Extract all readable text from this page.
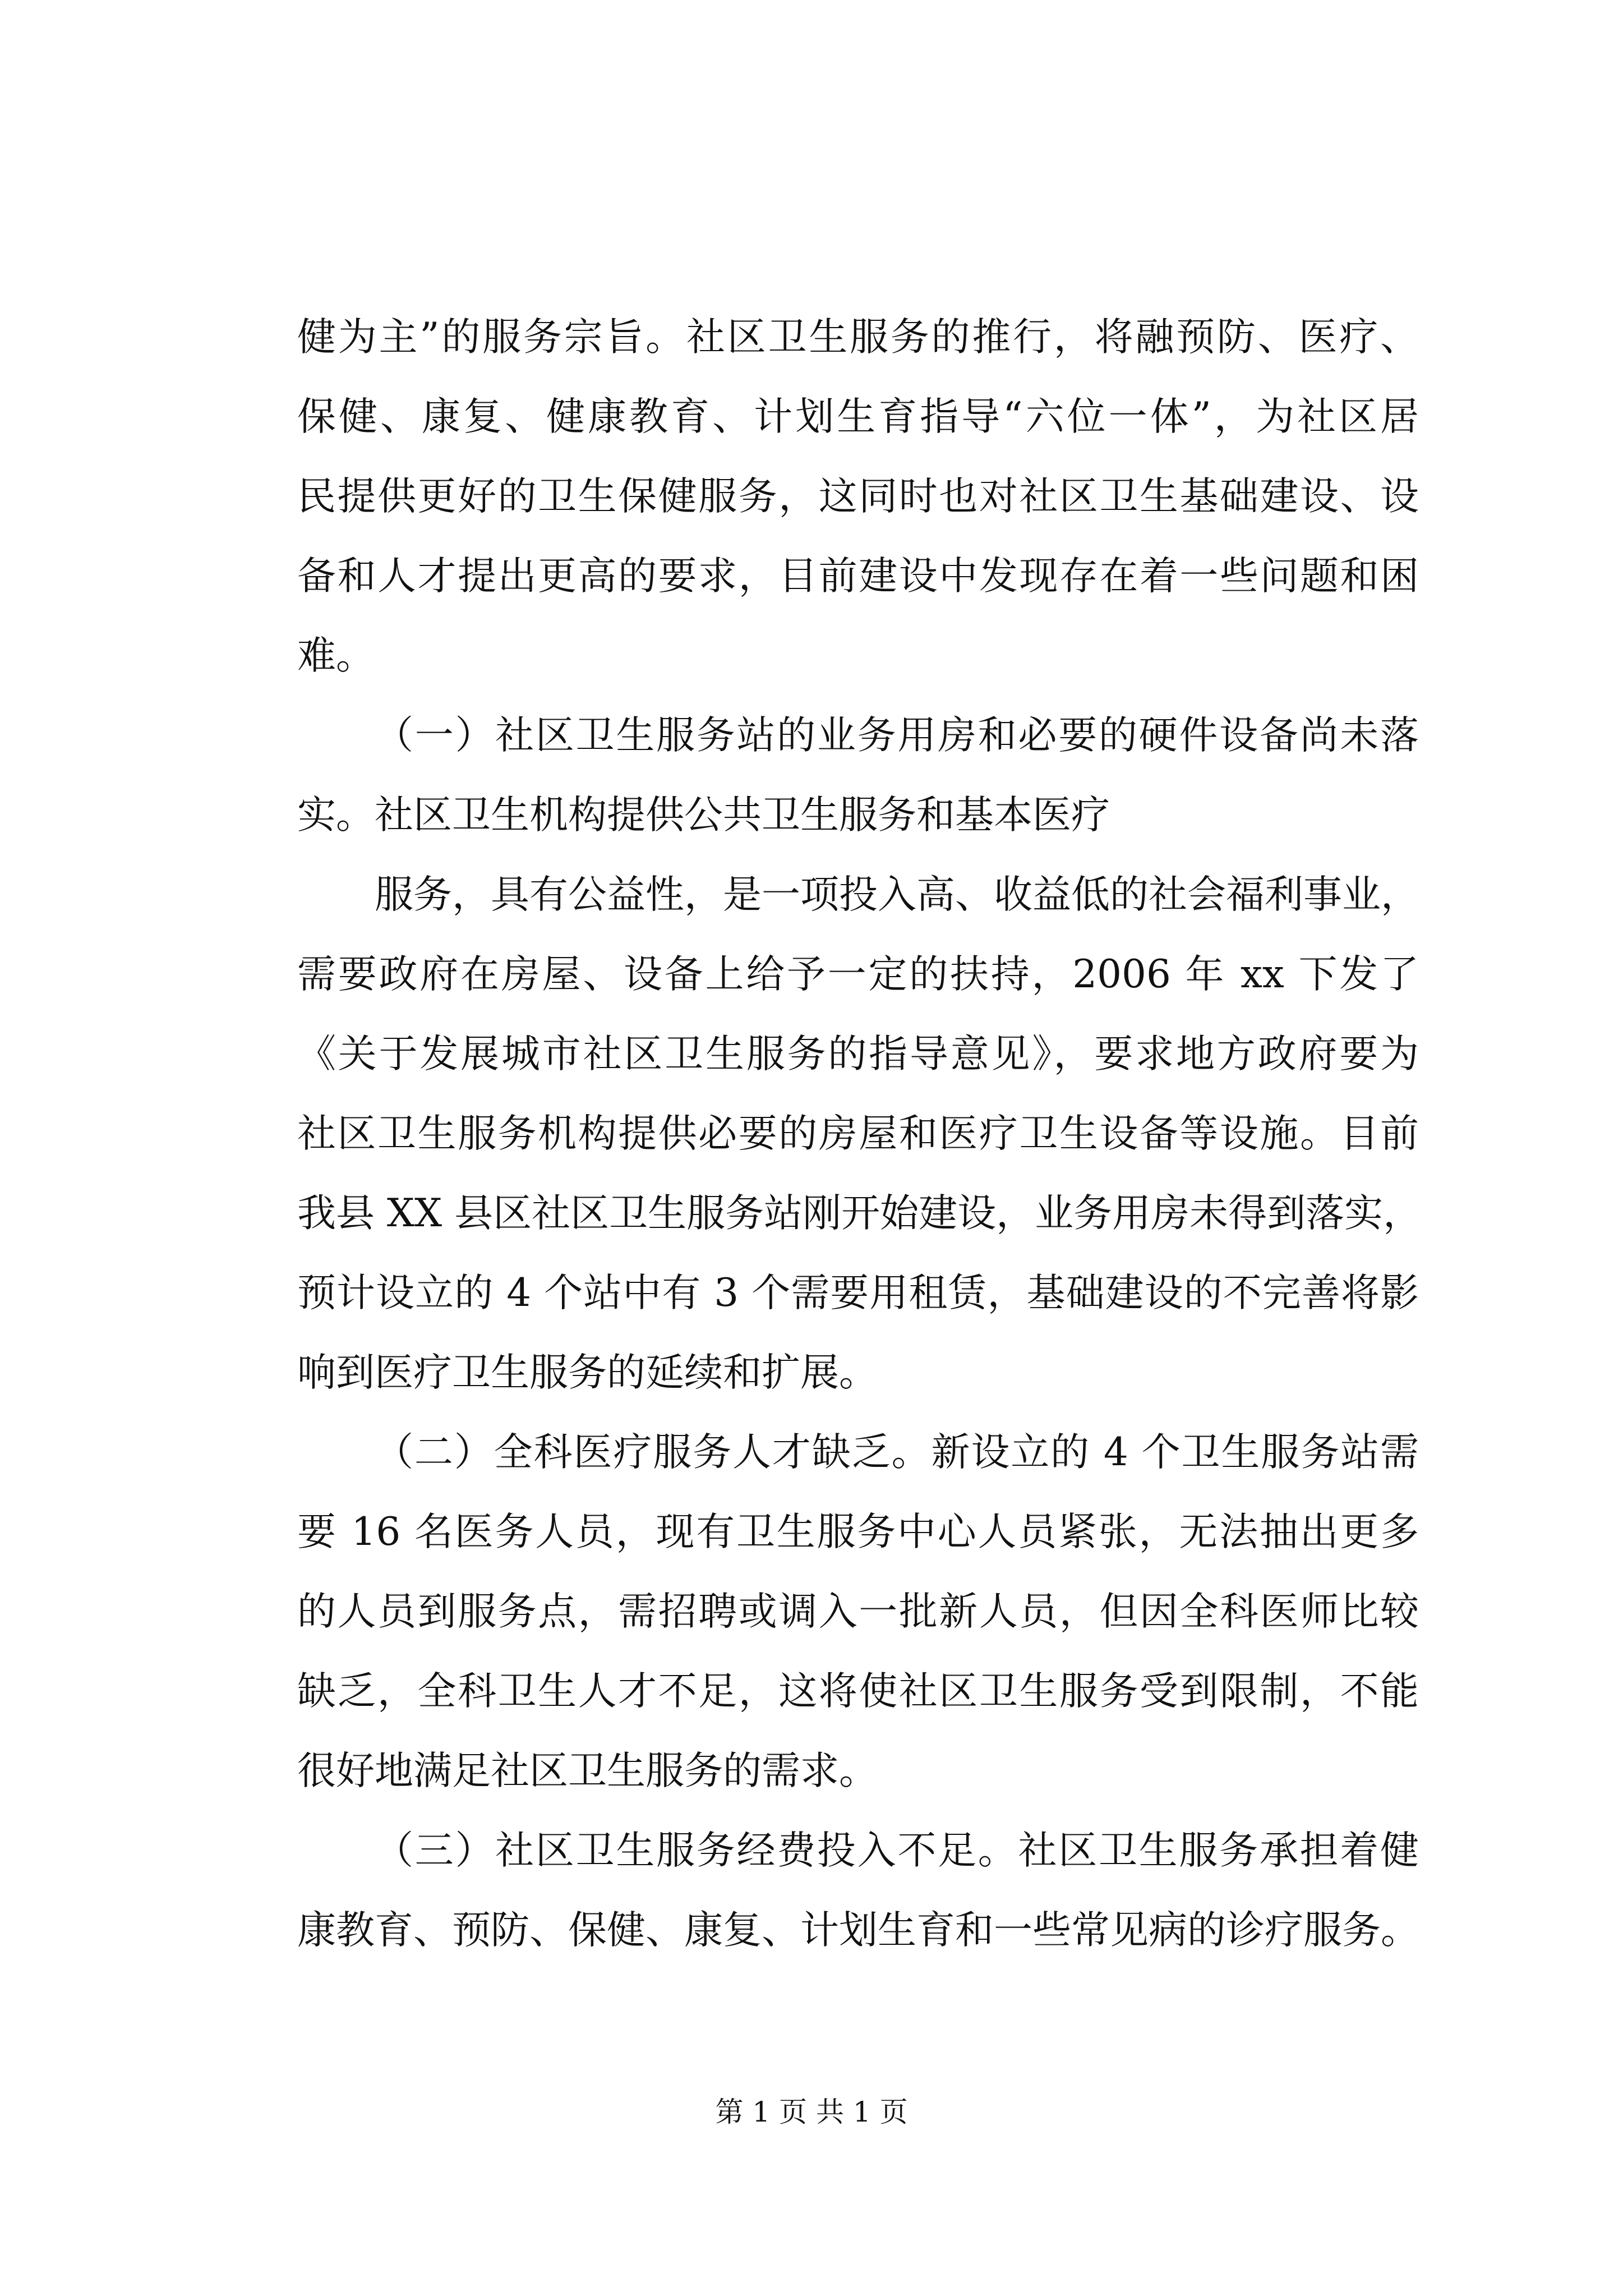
健为主”的服务宗旨。社区卫生服务的推行，将融预防、医疗、
保健、康复、健康教育、计划生育指导“六位一体”，为社区居
民提供更好的卫生保健服务，这同时也对社区卫生基础建设、设
备和人才提出更高的要求，目前建设中发现存在着一些问题和困
难。
（一）社区卫生服务站的业务用房和必要的硬件设备尚未落
实。社区卫生机构提供公共卫生服务和基本医疗
服务，具有公益性，是一项投入高、收益低的社会福利事业，
需要政府在房屋、设备上给予一定的扶持，2006 年 xx 下发了
《关于发展城市社区卫生服务的指导意见》，要求地方政府要为
社区卫生服务机构提供必要的房屋和医疗卫生设备等设施。目前
我县 XX 县区社区卫生服务站刚开始建设，业务用房未得到落实，
预计设立的 4 个站中有 3 个需要用租赁，基础建设的不完善将影
响到医疗卫生服务的延续和扩展。
（二）全科医疗服务人才缺乏。新设立的 4 个卫生服务站需
要 16 名医务人员，现有卫生服务中心人员紧张，无法抽出更多
的人员到服务点，需招聘或调入一批新人员，但因全科医师比较
缺乏，全科卫生人才不足，这将使社区卫生服务受到限制，不能
很好地满足社区卫生服务的需求。
（三）社区卫生服务经费投入不足。社区卫生服务承担着健
康教育、预防、保健、康复、计划生育和一些常见病的诊疗服务。
第 1 页 共 1 页
